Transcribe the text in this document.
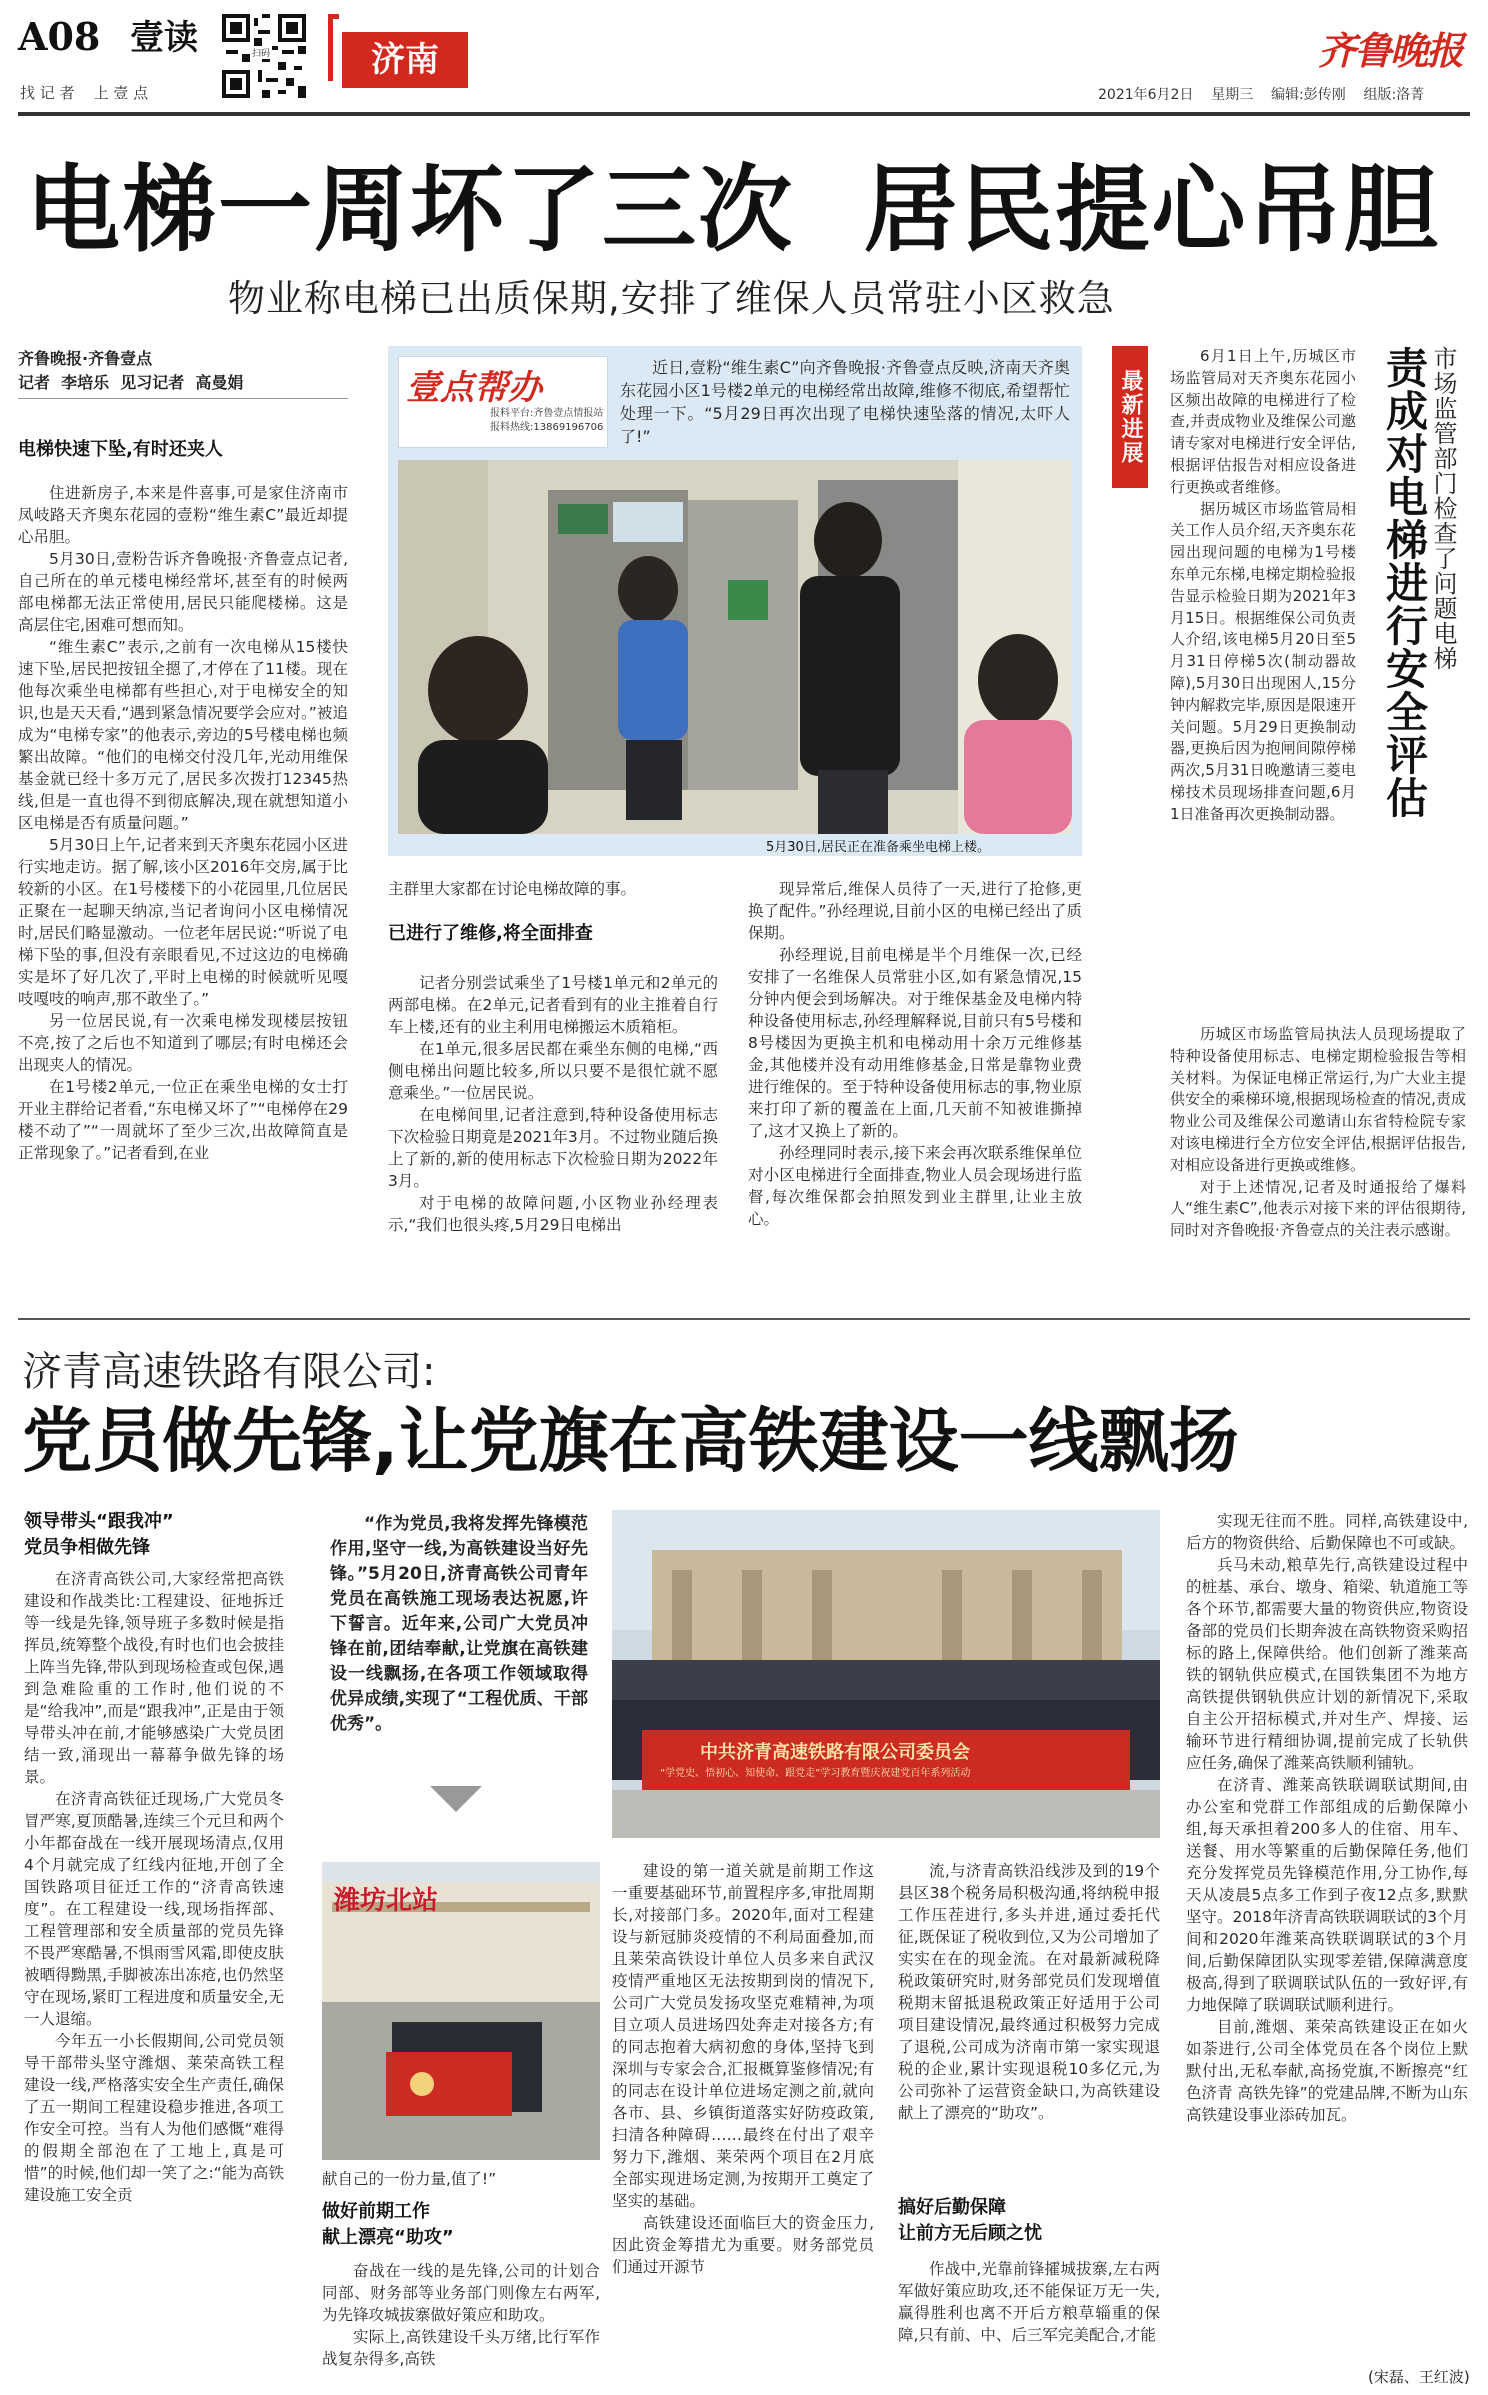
A08 壹读
找 记 者    上 壹 点
扫码	济南	齐鲁晚报
2021年6月2日    星期三    编辑:彭传刚    组版:洛菁
电梯一周坏了三次  居民提心吊胆
物业称电梯已出质保期,安排了维保人员常驻小区救急
齐鲁晚报·齐鲁壹点
记者  李培乐  见习记者  高曼娟
电梯快速下坠,有时还夹人

住进新房子,本来是件喜事,可是家住济南市凤岐路天齐奥东花园的壹粉“维生素C”最近却提心吊胆。

5月30日,壹粉告诉齐鲁晚报·齐鲁壹点记者,自己所在的单元楼电梯经常坏,甚至有的时候两部电梯都无法正常使用,居民只能爬楼梯。这是高层住宅,困难可想而知。

“维生素C”表示,之前有一次电梯从15楼快速下坠,居民把按钮全摁了,才停在了11楼。现在他每次乘坐电梯都有些担心,对于电梯安全的知识,也是天天看,“遇到紧急情况要学会应对。”被追成为“电梯专家”的他表示,旁边的5号楼电梯也频繁出故障。“他们的电梯交付没几年,光动用维保基金就已经十多万元了,居民多次拨打12345热线,但是一直也得不到彻底解决,现在就想知道小区电梯是否有质量问题。”

5月30日上午,记者来到天齐奥东花园小区进行实地走访。据了解,该小区2016年交房,属于比较新的小区。在1号楼楼下的小花园里,几位居民正聚在一起聊天纳凉,当记者询问小区电梯情况时,居民们略显激动。一位老年居民说:“听说了电梯下坠的事,但没有亲眼看见,不过这边的电梯确实是坏了好几次了,平时上电梯的时候就听见嘎吱嘎吱的响声,那不敢坐了。”

另一位居民说,有一次乘电梯发现楼层按钮不亮,按了之后也不知道到了哪层;有时电梯还会出现夹人的情况。

在1号楼2单元,一位正在乘坐电梯的女士打开业主群给记者看,“东电梯又坏了”“电梯停在29楼不动了”“一周就坏了至少三次,出故障简直是正常现象了。”记者看到,在业

壹点帮办
报料平台:齐鲁壹点情报站
报料热线:13869196706
近日,壹粉“维生素C”向齐鲁晚报·齐鲁壹点反映,济南天齐奥东花园小区1号楼2单元的电梯经常出故障,维修不彻底,希望帮忙处理一下。“5月29日再次出现了电梯快速坠落的情况,太吓人了!”
5月30日,居民正在准备乘坐电梯上楼。
主群里大家都在讨论电梯故障的事。
已进行了维修,将全面排查

记者分别尝试乘坐了1号楼1单元和2单元的两部电梯。在2单元,记者看到有的业主推着自行车上楼,还有的业主利用电梯搬运木质箱柜。

在1单元,很多居民都在乘坐东侧的电梯,“西侧电梯出问题比较多,所以只要不是很忙就不愿意乘坐。”一位居民说。

在电梯间里,记者注意到,特种设备使用标志下次检验日期竟是2021年3月。不过物业随后换上了新的,新的使用标志下次检验日期为2022年3月。

对于电梯的故障问题,小区物业孙经理表示,“我们也很头疼,5月29日电梯出

现异常后,维保人员待了一天,进行了抢修,更换了配件。”孙经理说,目前小区的电梯已经出了质保期。

孙经理说,目前电梯是半个月维保一次,已经安排了一名维保人员常驻小区,如有紧急情况,15分钟内便会到场解决。对于维保基金及电梯内特种设备使用标志,孙经理解释说,目前只有5号楼和8号楼因为更换主机和电梯动用十余万元维修基金,其他楼并没有动用维修基金,日常是靠物业费进行维保的。至于特种设备使用标志的事,物业原来打印了新的覆盖在上面,几天前不知被谁撕掉了,这才又换上了新的。

孙经理同时表示,接下来会再次联系维保单位对小区电梯进行全面排查,物业人员会现场进行监督,每次维保都会拍照发到业主群里,让业主放心。

最新进展	市场监管部门检查了问题电梯
责成对电梯进行安全评估

6月1日上午,历城区市场监管局对天齐奥东花园小区频出故障的电梯进行了检查,并责成物业及维保公司邀请专家对电梯进行安全评估,根据评估报告对相应设备进行更换或者维修。

据历城区市场监管局相关工作人员介绍,天齐奥东花园出现问题的电梯为1号楼东单元东梯,电梯定期检验报告显示检验日期为2021年3月15日。根据维保公司负责人介绍,该电梯5月20日至5月31日停梯5次(制动器故障),5月30日出现困人,15分钟内解救完毕,原因是限速开关问题。5月29日更换制动器,更换后因为抱闸间隙停梯两次,5月31日晚邀请三菱电梯技术员现场排查问题,6月1日准备再次更换制动器。

历城区市场监管局执法人员现场提取了特种设备使用标志、电梯定期检验报告等相关材料。为保证电梯正常运行,为广大业主提供安全的乘梯环境,根据现场检查的情况,责成物业公司及维保公司邀请山东省特检院专家对该电梯进行全方位安全评估,根据评估报告,对相应设备进行更换或维修。

对于上述情况,记者及时通报给了爆料人“维生素C”,他表示对接下来的评估很期待,同时对齐鲁晚报·齐鲁壹点的关注表示感谢。

济青高速铁路有限公司:
党员做先锋,让党旗在高铁建设一线飘扬
领导带头“跟我冲”
党员争相做先锋

在济青高铁公司,大家经常把高铁建设和作战类比:工程建设、征地拆迁等一线是先锋,领导班子多数时候是指挥员,统筹整个战役,有时也们也会披挂上阵当先锋,带队到现场检查或包保,遇到急难险重的工作时,他们说的不是“给我冲”,而是“跟我冲”,正是由于领导带头冲在前,才能够感染广大党员团结一致,涌现出一幕幕争做先锋的场景。

在济青高铁征迁现场,广大党员冬冒严寒,夏顶酷暑,连续三个元旦和两个小年都奋战在一线开展现场清点,仅用4个月就完成了红线内征地,开创了全国铁路项目征迁工作的“济青高铁速度”。在工程建设一线,现场指挥部、工程管理部和安全质量部的党员先锋不畏严寒酷暑,不惧雨雪风霜,即使皮肤被晒得黝黑,手脚被冻出冻疮,也仍然坚守在现场,紧盯工程进度和质量安全,无一人退缩。

今年五一小长假期间,公司党员领导干部带头坚守潍烟、莱荣高铁工程建设一线,严格落实安全生产责任,确保了五一期间工程建设稳步推进,各项工作安全可控。当有人为他们感慨“难得的假期全部泡在了工地上,真是可惜”的时候,他们却一笑了之:“能为高铁建设施工安全贡

“作为党员,我将发挥先锋模范作用,坚守一线,为高铁建设当好先锋。”5月20日,济青高铁公司青年党员在高铁施工现场表达祝愿,许下誓言。近年来,公司广大党员冲锋在前,团结奉献,让党旗在高铁建设一线飘扬,在各项工作领域取得优异成绩,实现了“工程优质、干部优秀”。
中共济青高速铁路有限公司委员会
“学党史、悟初心、知使命、跟党走”学习教育暨庆祝建党百年系列活动
潍坊北站
献自己的一份力量,值了!”
做好前期工作
献上漂亮“助攻”

奋战在一线的是先锋,公司的计划合同部、财务部等业务部门则像左右两军,为先锋攻城拔寨做好策应和助攻。

实际上,高铁建设千头万绪,比行军作战复杂得多,高铁

建设的第一道关就是前期工作这一重要基础环节,前置程序多,审批周期长,对接部门多。2020年,面对工程建设与新冠肺炎疫情的不利局面叠加,而且莱荣高铁设计单位人员多来自武汉疫情严重地区无法按期到岗的情况下,公司广大党员发扬攻坚克难精神,为项目立项人员进场四处奔走对接各方;有的同志抱着大病初愈的身体,坚持飞到深圳与专家会合,汇报概算鉴修情况;有的同志在设计单位进场定测之前,就向各市、县、乡镇街道落实好防疫政策,扫清各种障碍……最终在付出了艰辛努力下,潍烟、莱荣两个项目在2月底全部实现进场定测,为按期开工奠定了坚实的基础。

高铁建设还面临巨大的资金压力,因此资金筹措尤为重要。财务部党员们通过开源节

流,与济青高铁沿线涉及到的19个县区38个税务局积极沟通,将纳税申报工作压茬进行,多头并进,通过委托代征,既保证了税收到位,又为公司增加了实实在在的现金流。在对最新减税降税政策研究时,财务部党员们发现增值税期末留抵退税政策正好适用于公司项目建设情况,最终通过积极努力完成了退税,公司成为济南市第一家实现退税的企业,累计实现退税10多亿元,为公司弥补了运营资金缺口,为高铁建设献上了漂亮的“助攻”。

搞好后勤保障
让前方无后顾之忧

作战中,光靠前锋攉城拔寨,左右两军做好策应助攻,还不能保证万无一失,赢得胜利也离不开后方粮草辎重的保障,只有前、中、后三军完美配合,才能

实现无往而不胜。同样,高铁建设中,后方的物资供给、后勤保障也不可或缺。

兵马未动,粮草先行,高铁建设过程中的桩基、承台、墩身、箱梁、轨道施工等各个环节,都需要大量的物资供应,物资设备部的党员们长期奔波在高铁物资采购招标的路上,保障供给。他们创新了潍莱高铁的钢轨供应模式,在国铁集团不为地方高铁提供钢轨供应计划的新情况下,采取自主公开招标模式,并对生产、焊接、运输环节进行精细协调,提前完成了长轨供应任务,确保了潍莱高铁顺利铺轨。

在济青、潍莱高铁联调联试期间,由办公室和党群工作部组成的后勤保障小组,每天承担着200多人的住宿、用车、送餐、用水等繁重的后勤保障任务,他们充分发挥党员先锋模范作用,分工协作,每天从凌晨5点多工作到子夜12点多,默默坚守。2018年济青高铁联调联试的3个月间和2020年潍莱高铁联调联试的3个月间,后勤保障团队实现零差错,保障满意度极高,得到了联调联试队伍的一致好评,有力地保障了联调联试顺利进行。

目前,潍烟、莱荣高铁建设正在如火如荼进行,公司全体党员在各个岗位上默默付出,无私奉献,高扬党旗,不断擦亮“红色济青 高铁先锋”的党建品牌,不断为山东高铁建设事业添砖加瓦。

(宋磊、王红波)
